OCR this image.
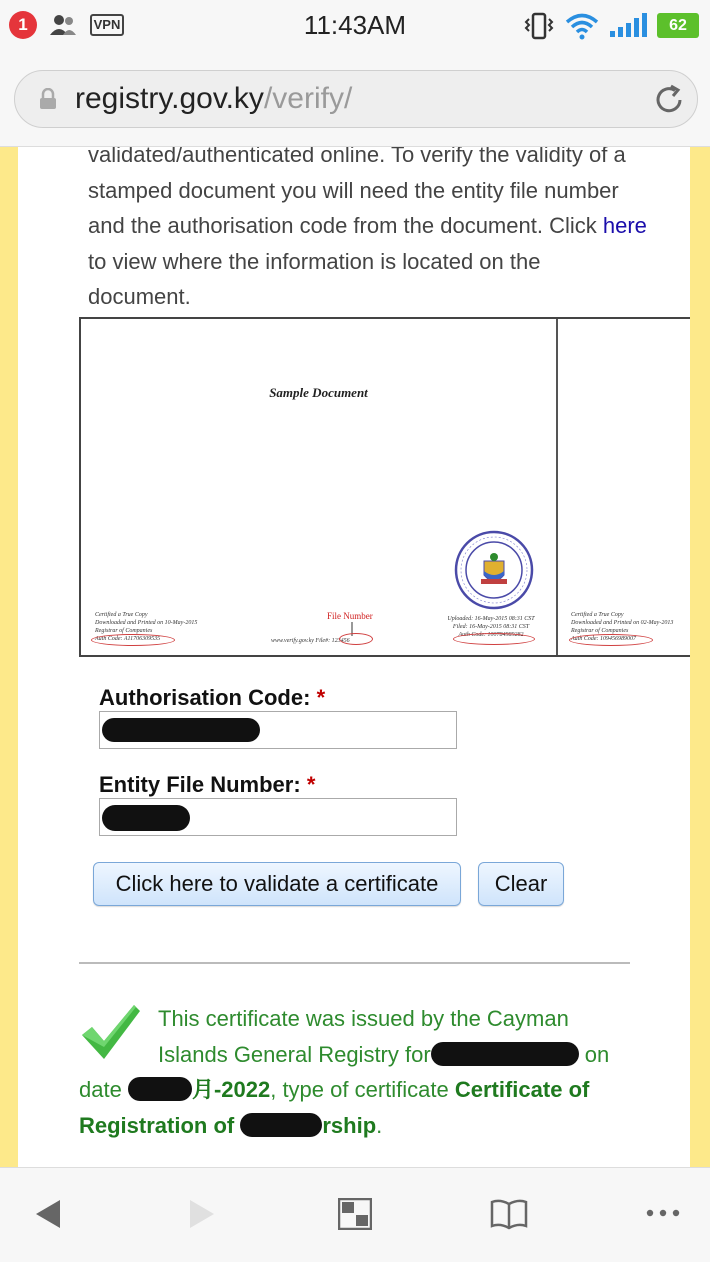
1	VPN	11:43AM	62
registry.gov.ky/verify/
validated/authenticated online. To verify the validity of a stamped document you will need the entity file number and the authorisation code from the document. Click here to view where the information is located on the document.
Sample Document
Certified a True Copy
Downloaded and Printed on 10-May-2015
Registrar of Companies
Auth Code: A11706309535
File Number
www.verify.gov.ky File#: 123456
Uploaded: 16-May-2015 08:31 CST
Filed: 16-May-2015 08:31 CST
Auth Code: 100784989282
Certified a True Copy
Downloaded and Printed on 02-May-2013
Registrar of Companies
Auth Code: 109456989007
Authorisation Code: *
Entity File Number: *
Click here to validate a certificate	Clear
This certificate was issued by the Cayman
Islands General Registry for	on
date	月-2022, type of certificate Certificate of
Registration of	rship.
